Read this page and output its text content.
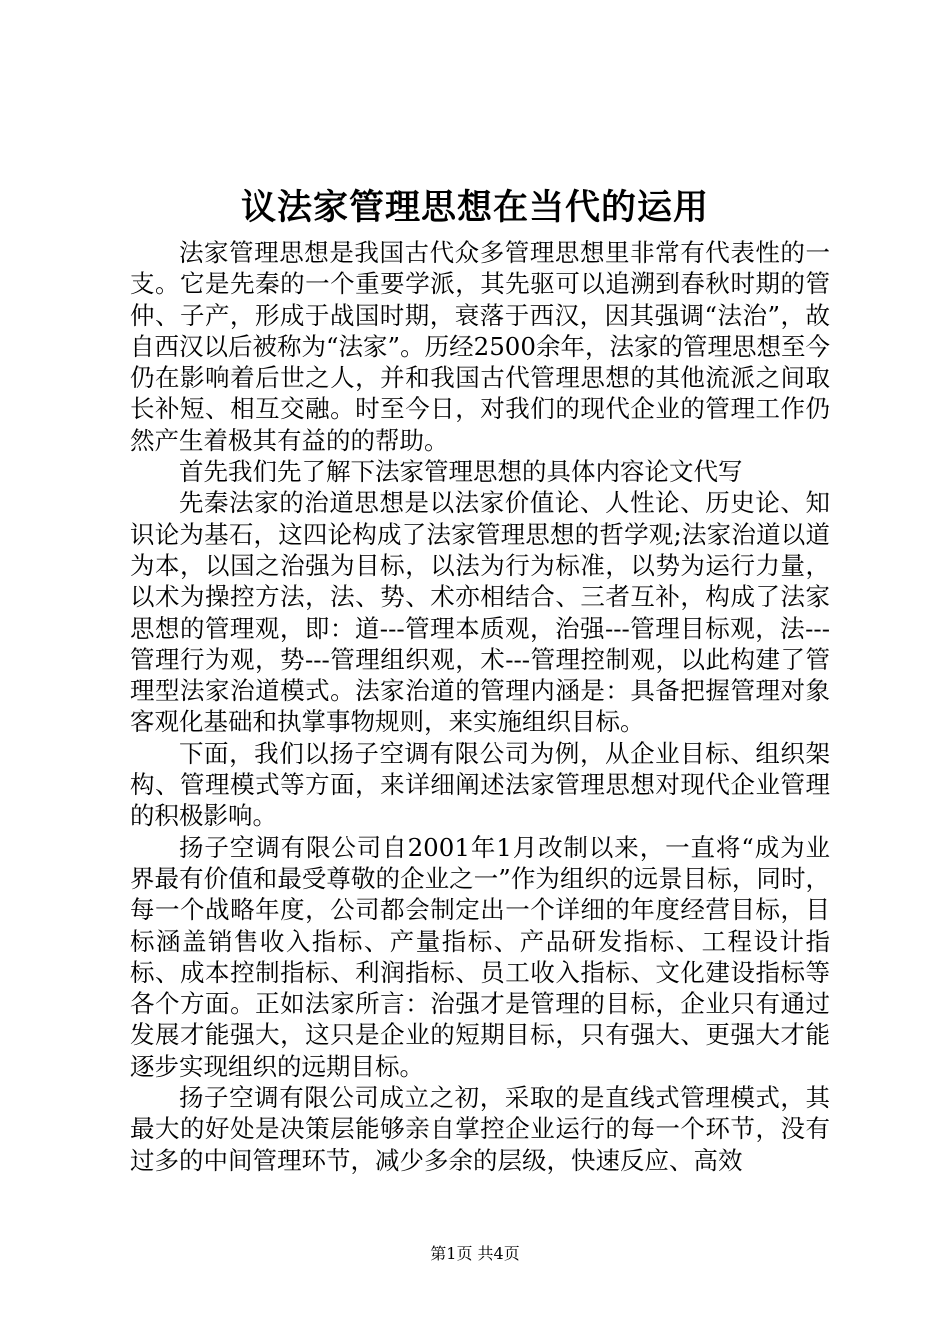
议法家管理思想在当代的运用

法家管理思想是我国古代众多管理思想里非常有代表性的一支。它是先秦的一个重要学派，其先驱可以追溯到春秋时期的管仲、子产，形成于战国时期，衰落于西汉，因其强调“法治”，故自西汉以后被称为“法家”。历经2500余年，法家的管理思想至今仍在影响着后世之人，并和我国古代管理思想的其他流派之间取长补短、相互交融。时至今日，对我们的现代企业的管理工作仍然产生着极其有益的的帮助。

首先我们先了解下法家管理思想的具体内容论文代写

先秦法家的治道思想是以法家价值论、人性论、历史论、知识论为基石，这四论构成了法家管理思想的哲学观;法家治道以道为本，以国之治强为目标，以法为行为标准，以势为运行力量，以术为操控方法，法、势、术亦相结合、三者互补，构成了法家思想的管理观，即：道---管理本质观，治强---管理目标观，法---管理行为观，势---管理组织观，术---管理控制观，以此构建了管理型法家治道模式。法家治道的管理内涵是：具备把握管理对象客观化基础和执掌事物规则，来实施组织目标。

下面，我们以扬子空调有限公司为例，从企业目标、组织架构、管理模式等方面，来详细阐述法家管理思想对现代企业管理的积极影响。

扬子空调有限公司自2001年1月改制以来，一直将“成为业界最有价值和最受尊敬的企业之一”作为组织的远景目标，同时，每一个战略年度，公司都会制定出一个详细的年度经营目标，目标涵盖销售收入指标、产量指标、产品研发指标、工程设计指标、成本控制指标、利润指标、员工收入指标、文化建设指标等各个方面。正如法家所言：治强才是管理的目标，企业只有通过发展才能强大，这只是企业的短期目标，只有强大、更强大才能逐步实现组织的远期目标。

扬子空调有限公司成立之初，采取的是直线式管理模式，其最大的好处是决策层能够亲自掌控企业运行的每一个环节，没有过多的中间管理环节，减少多余的层级，快速反应、高效

第1页 共4页
